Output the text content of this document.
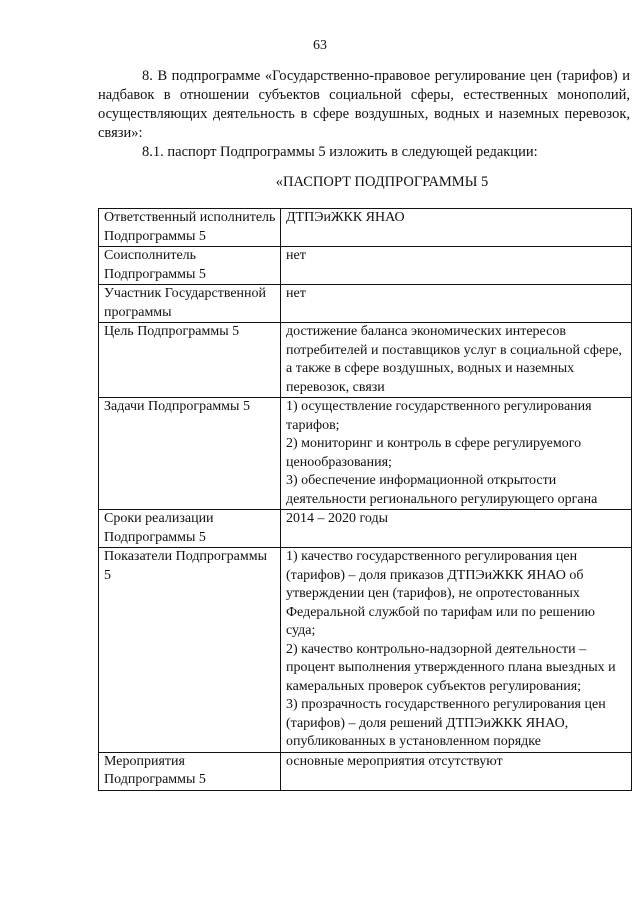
63

8. В подпрограмме «Государственно-правовое регулирование цен (тарифов) и надбавок в отношении субъектов социальной сферы, естественных монополий, осуществляющих деятельность в сфере воздушных, водных и наземных перевозок, связи»:

8.1. паспорт Подпрограммы 5 изложить в следующей редакции:

«ПАСПОРТ ПОДПРОГРАММЫ 5
Ответственный исполнитель Подпрограммы 5	ДТПЭиЖКК ЯНАО

Соисполнитель Подпрограммы 5	нет

Участник Государственной программы	нет

Цель Подпрограммы 5	достижение баланса экономических интересов потребителей и поставщиков услуг в социальной сфере, а также в сфере воздушных, водных и наземных перевозок, связи

Задачи Подпрограммы 5	1) осуществление государственного регулирования тарифов;
2) мониторинг и контроль в сфере регулируемого ценообразования;
3) обеспечение информационной открытости деятельности регионального регулирующего органа

Сроки реализации Подпрограммы 5	2014 – 2020 годы

Показатели Подпрограммы 5	1) качество государственного регулирования цен (тарифов) – доля приказов ДТПЭиЖКК ЯНАО об утверждении цен (тарифов), не опротестованных Федеральной службой по тарифам или по решению суда;
2) качество контрольно-надзорной деятельности – процент выполнения утвержденного плана выездных и камеральных проверок субъектов регулирования;
3) прозрачность государственного регулирования цен (тарифов) – доля решений ДТПЭиЖКК ЯНАО, опубликованных в установленном порядке

Мероприятия Подпрограммы 5	основные мероприятия отсутствуют
